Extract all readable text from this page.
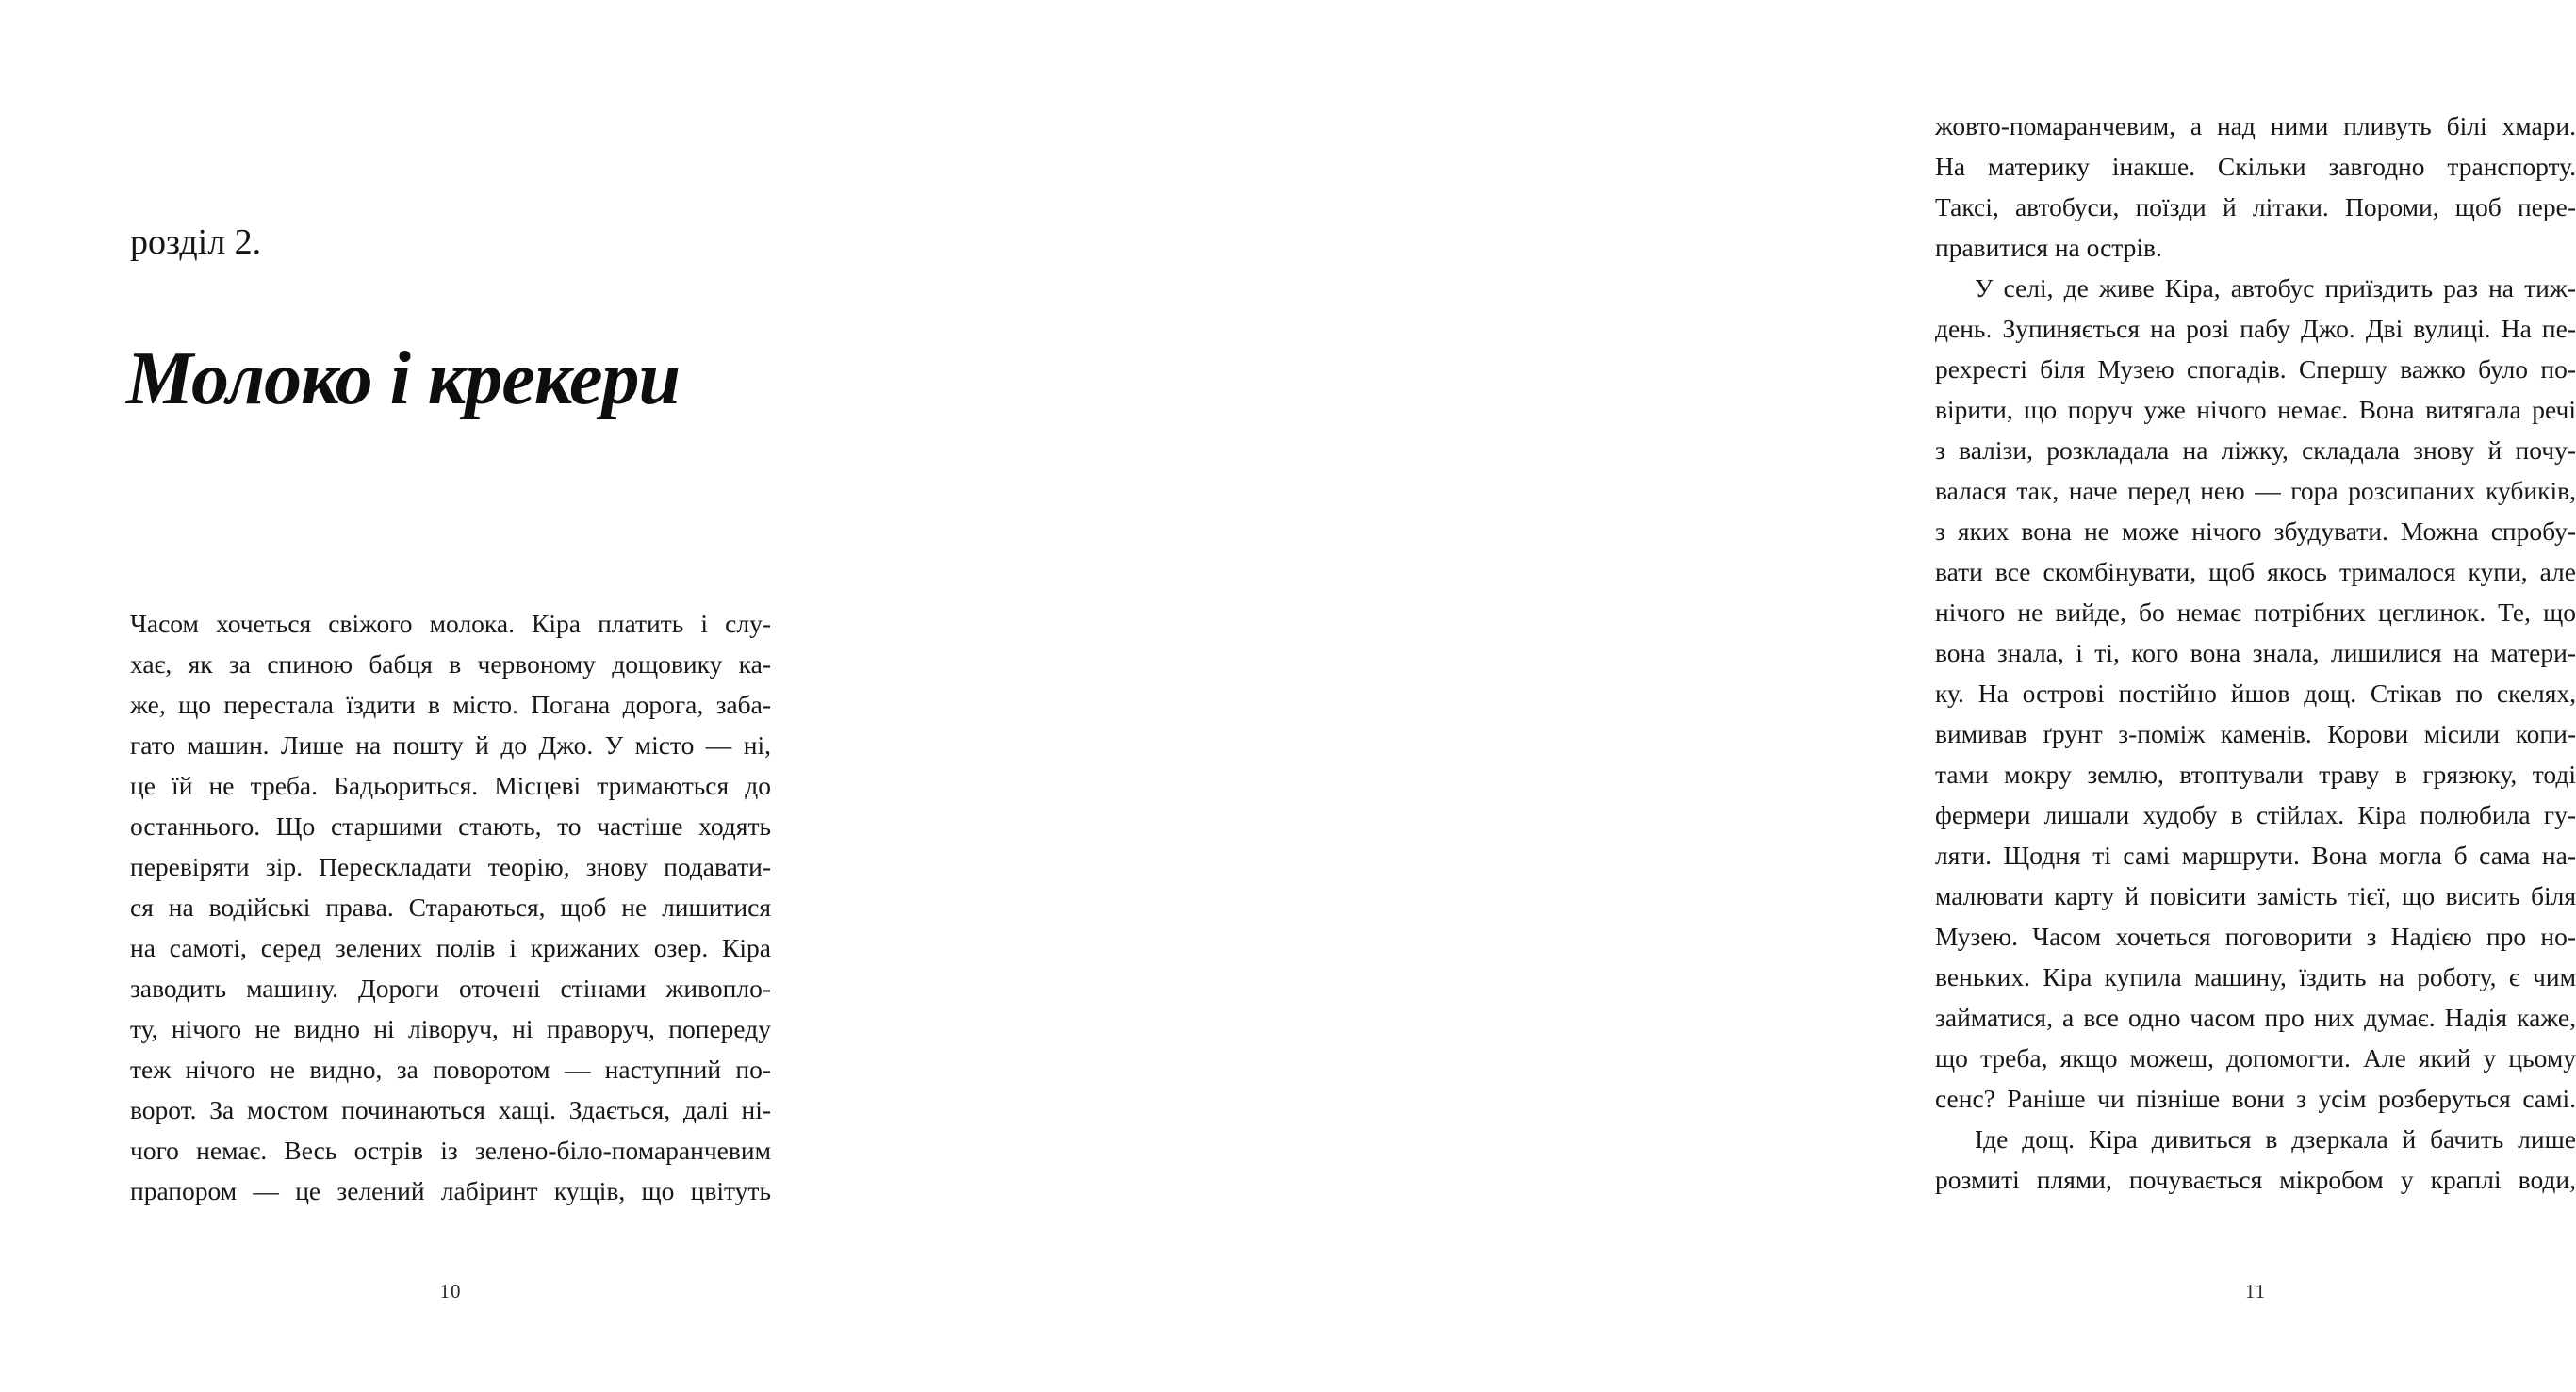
розділ 2.
Молоко і крекери
Часом хочеться свіжого молока. Кіра платить і слу-
хає, як за спиною бабця в червоному дощовику ка-
же, що перестала їздити в місто. Погана дорога, заба-
гато машин. Лише на пошту й до Джо. У місто — ні,
це їй не треба. Бадьориться. Місцеві тримаються до
останнього. Що старшими стають, то частіше ходять
перевіряти зір. Перескладати теорію, знову подавати-
ся на водійські права. Стараються, щоб не лишитися
на самоті, серед зелених полів і крижаних озер. Кіра
заводить машину. Дороги оточені стінами живопло-
ту, нічого не видно ні ліворуч, ні праворуч, попереду
теж нічого не видно, за поворотом — наступний по-
ворот. За мостом починаються хащі. Здається, далі ні-
чого немає. Весь острів із зелено-біло-помаранчевим
прапором — це зелений лабіринт кущів, що цвітуть
10
жовто-помаранчевим, а над ними пливуть білі хмари.
На материку інакше. Скільки завгодно транспорту.
Таксі, автобуси, поїзди й літаки. Пороми, щоб пере-
правитися на острів.
У селі, де живе Кіра, автобус приїздить раз на тиж-
день. Зупиняється на розі пабу Джо. Дві вулиці. На пе-
рехресті біля Музею спогадів. Спершу важко було по-
вірити, що поруч уже нічого немає. Вона витягала речі
з валізи, розкладала на ліжку, складала знову й почу-
валася так, наче перед нею — гора розсипаних кубиків,
з яких вона не може нічого збудувати. Можна спробу-
вати все скомбінувати, щоб якось трималося купи, але
нічого не вийде, бо немає потрібних цеглинок. Те, що
вона знала, і ті, кого вона знала, лишилися на матери-
ку. На острові постійно йшов дощ. Стікав по скелях,
вимивав ґрунт з-поміж каменів. Корови місили копи-
тами мокру землю, втоптували траву в грязюку, тоді
фермери лишали худобу в стійлах. Кіра полюбила гу-
ляти. Щодня ті самі маршрути. Вона могла б сама на-
малювати карту й повісити замість тієї, що висить біля
Музею. Часом хочеться поговорити з Надією про но-
веньких. Кіра купила машину, їздить на роботу, є чим
займатися, а все одно часом про них думає. Надія каже,
що треба, якщо можеш, допомогти. Але який у цьому
сенс? Раніше чи пізніше вони з усім розберуться самі.
Іде дощ. Кіра дивиться в дзеркала й бачить лише
розмиті плями, почувається мікробом у краплі води,
11
